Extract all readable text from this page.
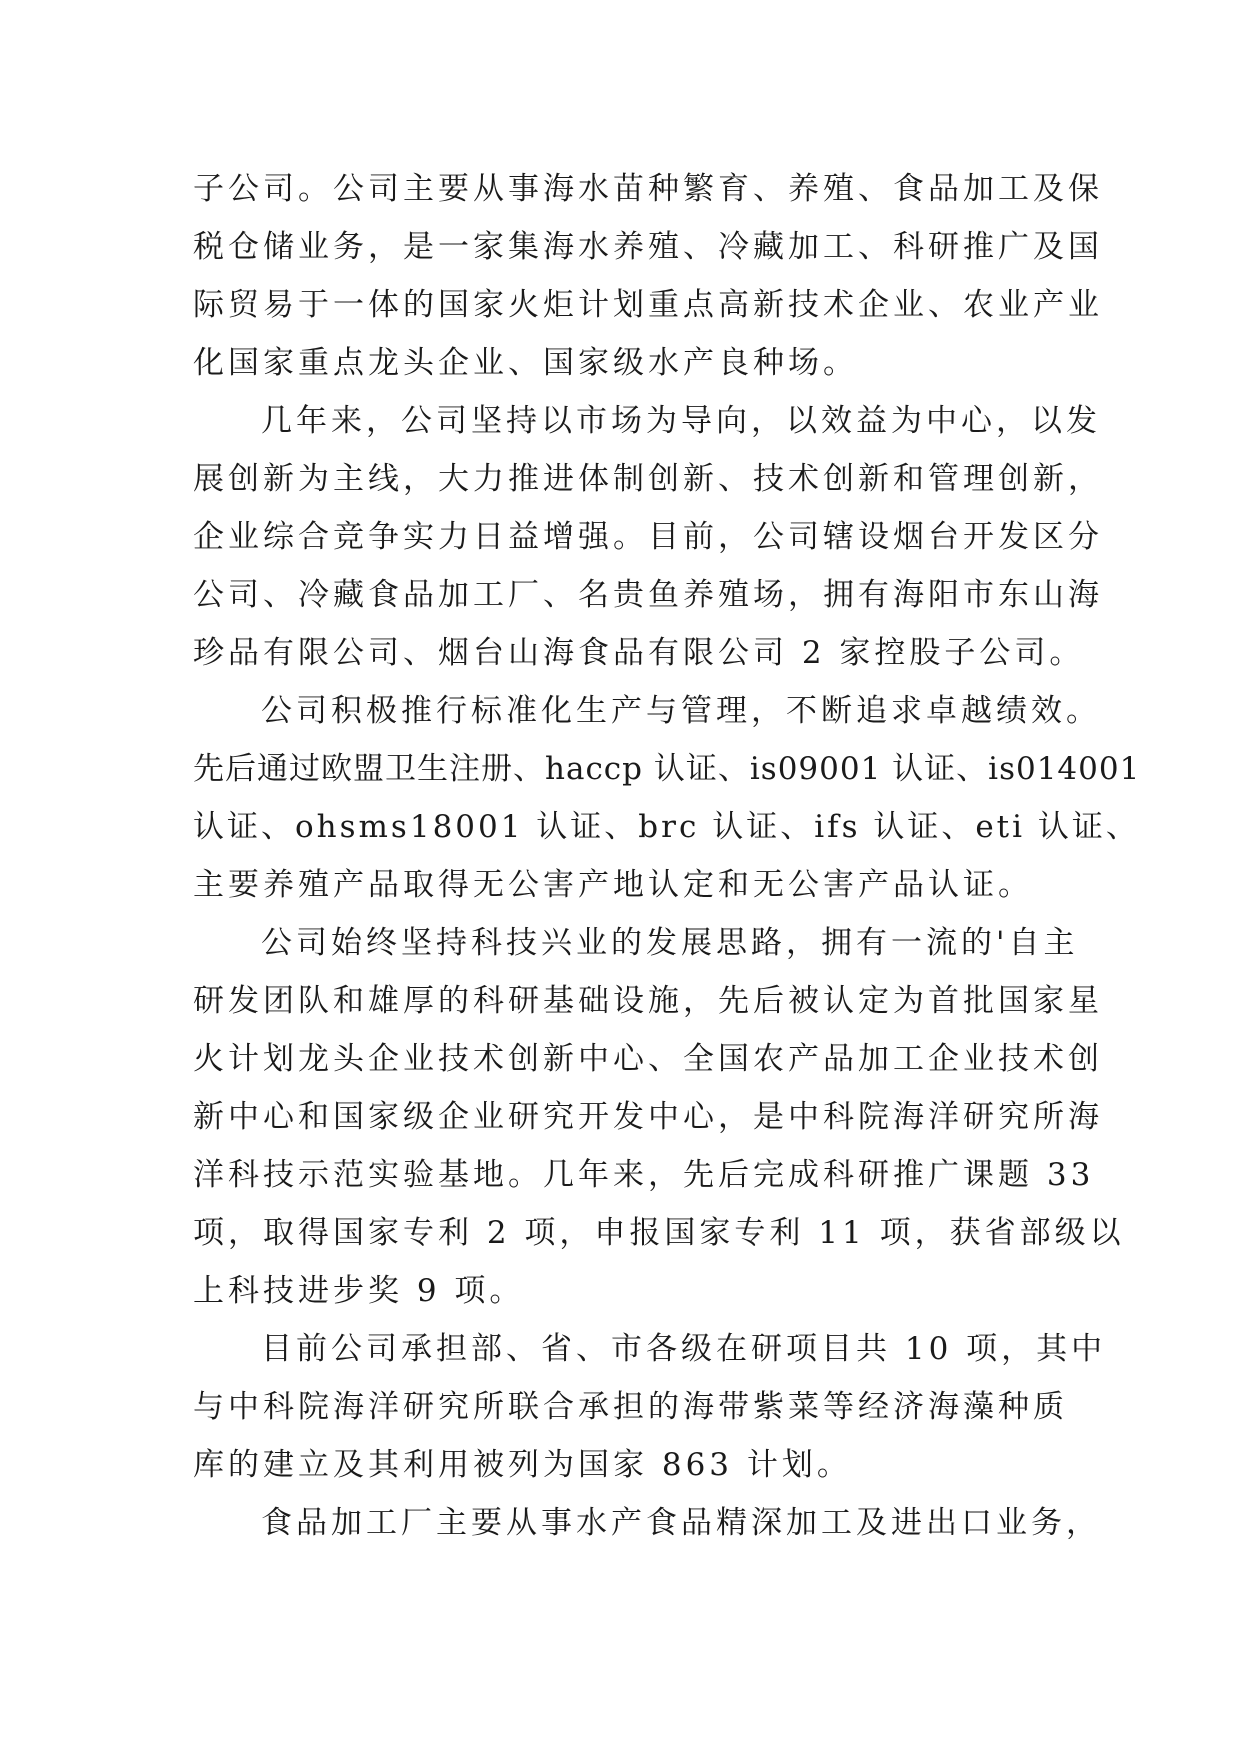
子公司。公司主要从事海水苗种繁育、养殖、食品加工及保
税仓储业务，是一家集海水养殖、冷藏加工、科研推广及国
际贸易于一体的国家火炬计划重点高新技术企业、农业产业
化国家重点龙头企业、国家级水产良种场。
几年来，公司坚持以市场为导向，以效益为中心，以发
展创新为主线，大力推进体制创新、技术创新和管理创新，
企业综合竞争实力日益增强。目前，公司辖设烟台开发区分
公司、冷藏食品加工厂、名贵鱼养殖场，拥有海阳市东山海
珍品有限公司、烟台山海食品有限公司 2 家控股子公司。
公司积极推行标准化生产与管理，不断追求卓越绩效。
先后通过欧盟卫生注册、haccp 认证、is09001 认证、is014001
认证、ohsms18001 认证、brc 认证、ifs 认证、eti 认证、
主要养殖产品取得无公害产地认定和无公害产品认证。
公司始终坚持科技兴业的发展思路，拥有一流的'自主
研发团队和雄厚的科研基础设施，先后被认定为首批国家星
火计划龙头企业技术创新中心、全国农产品加工企业技术创
新中心和国家级企业研究开发中心，是中科院海洋研究所海
洋科技示范实验基地。几年来，先后完成科研推广课题 33
项，取得国家专利 2 项，申报国家专利 11 项，获省部级以
上科技进步奖 9 项。
目前公司承担部、省、市各级在研项目共 10 项，其中
与中科院海洋研究所联合承担的海带紫菜等经济海藻种质
库的建立及其利用被列为国家 863 计划。
食品加工厂主要从事水产食品精深加工及进出口业务，
